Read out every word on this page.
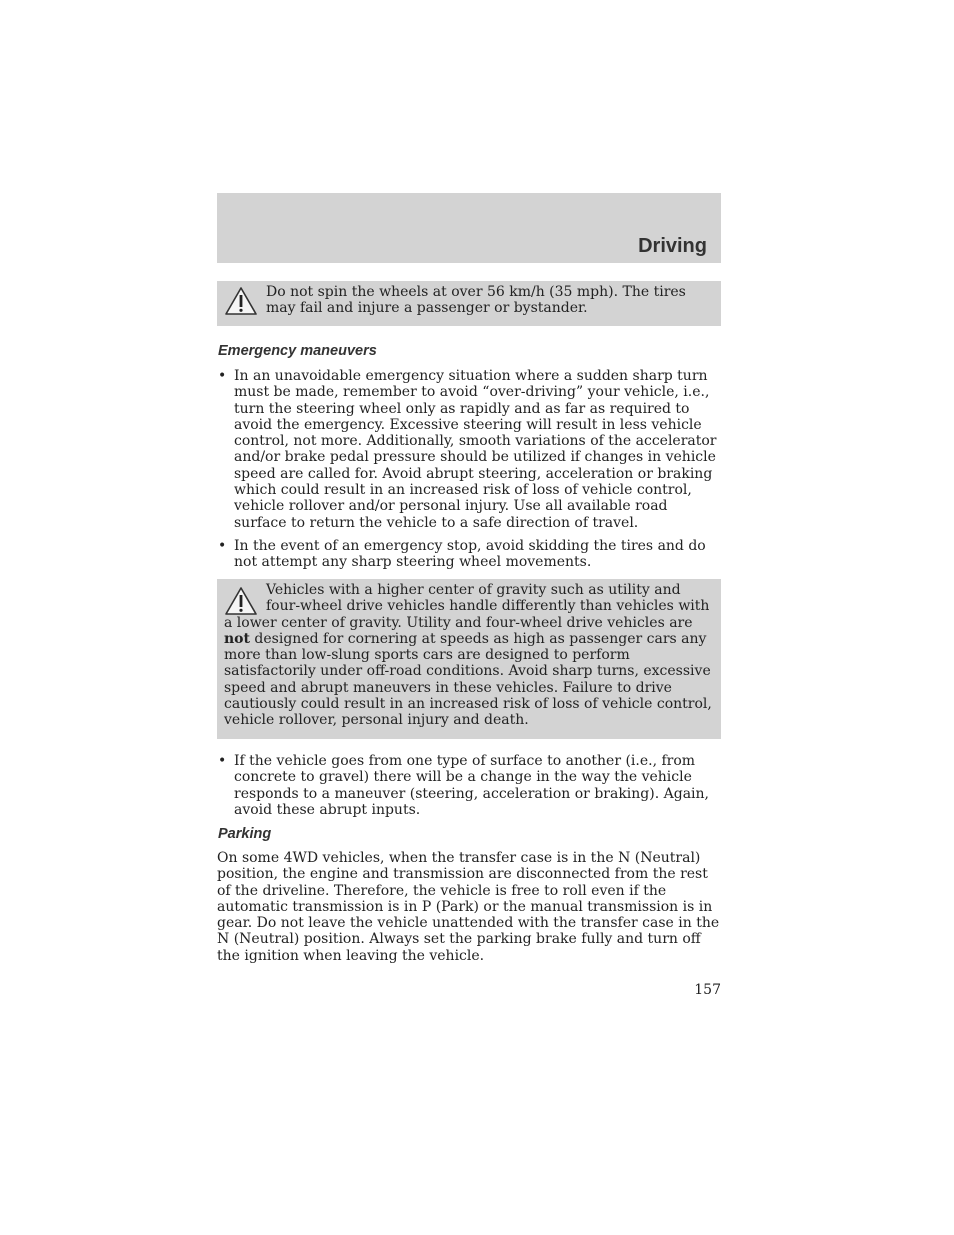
Driving
Do not spin the wheels at over 56 km/h (35 mph). The tires may fail and injure a passenger or bystander.
Emergency maneuvers
• In an unavoidable emergency situation where a sudden sharp turn must be made, remember to avoid “over-driving” your vehicle, i.e., turn the steering wheel only as rapidly and as far as required to avoid the emergency. Excessive steering will result in less vehicle control, not more. Additionally, smooth variations of the accelerator and/or brake pedal pressure should be utilized if changes in vehicle speed are called for. Avoid abrupt steering, acceleration or braking which could result in an increased risk of loss of vehicle control, vehicle rollover and/or personal injury. Use all available road surface to return the vehicle to a safe direction of travel.
• In the event of an emergency stop, avoid skidding the tires and do not attempt any sharp steering wheel movements.
Vehicles with a higher center of gravity such as utility and four-wheel drive vehicles handle differently than vehicles with a lower center of gravity. Utility and four-wheel drive vehicles are not designed for cornering at speeds as high as passenger cars any more than low-slung sports cars are designed to perform satisfactorily under off-road conditions. Avoid sharp turns, excessive speed and abrupt maneuvers in these vehicles. Failure to drive cautiously could result in an increased risk of loss of vehicle control, vehicle rollover, personal injury and death.
• If the vehicle goes from one type of surface to another (i.e., from concrete to gravel) there will be a change in the way the vehicle responds to a maneuver (steering, acceleration or braking). Again, avoid these abrupt inputs.
Parking

On some 4WD vehicles, when the transfer case is in the N (Neutral) position, the engine and transmission are disconnected from the rest of the driveline. Therefore, the vehicle is free to roll even if the automatic transmission is in P (Park) or the manual transmission is in gear. Do not leave the vehicle unattended with the transfer case in the N (Neutral) position. Always set the parking brake fully and turn off the ignition when leaving the vehicle.

157
